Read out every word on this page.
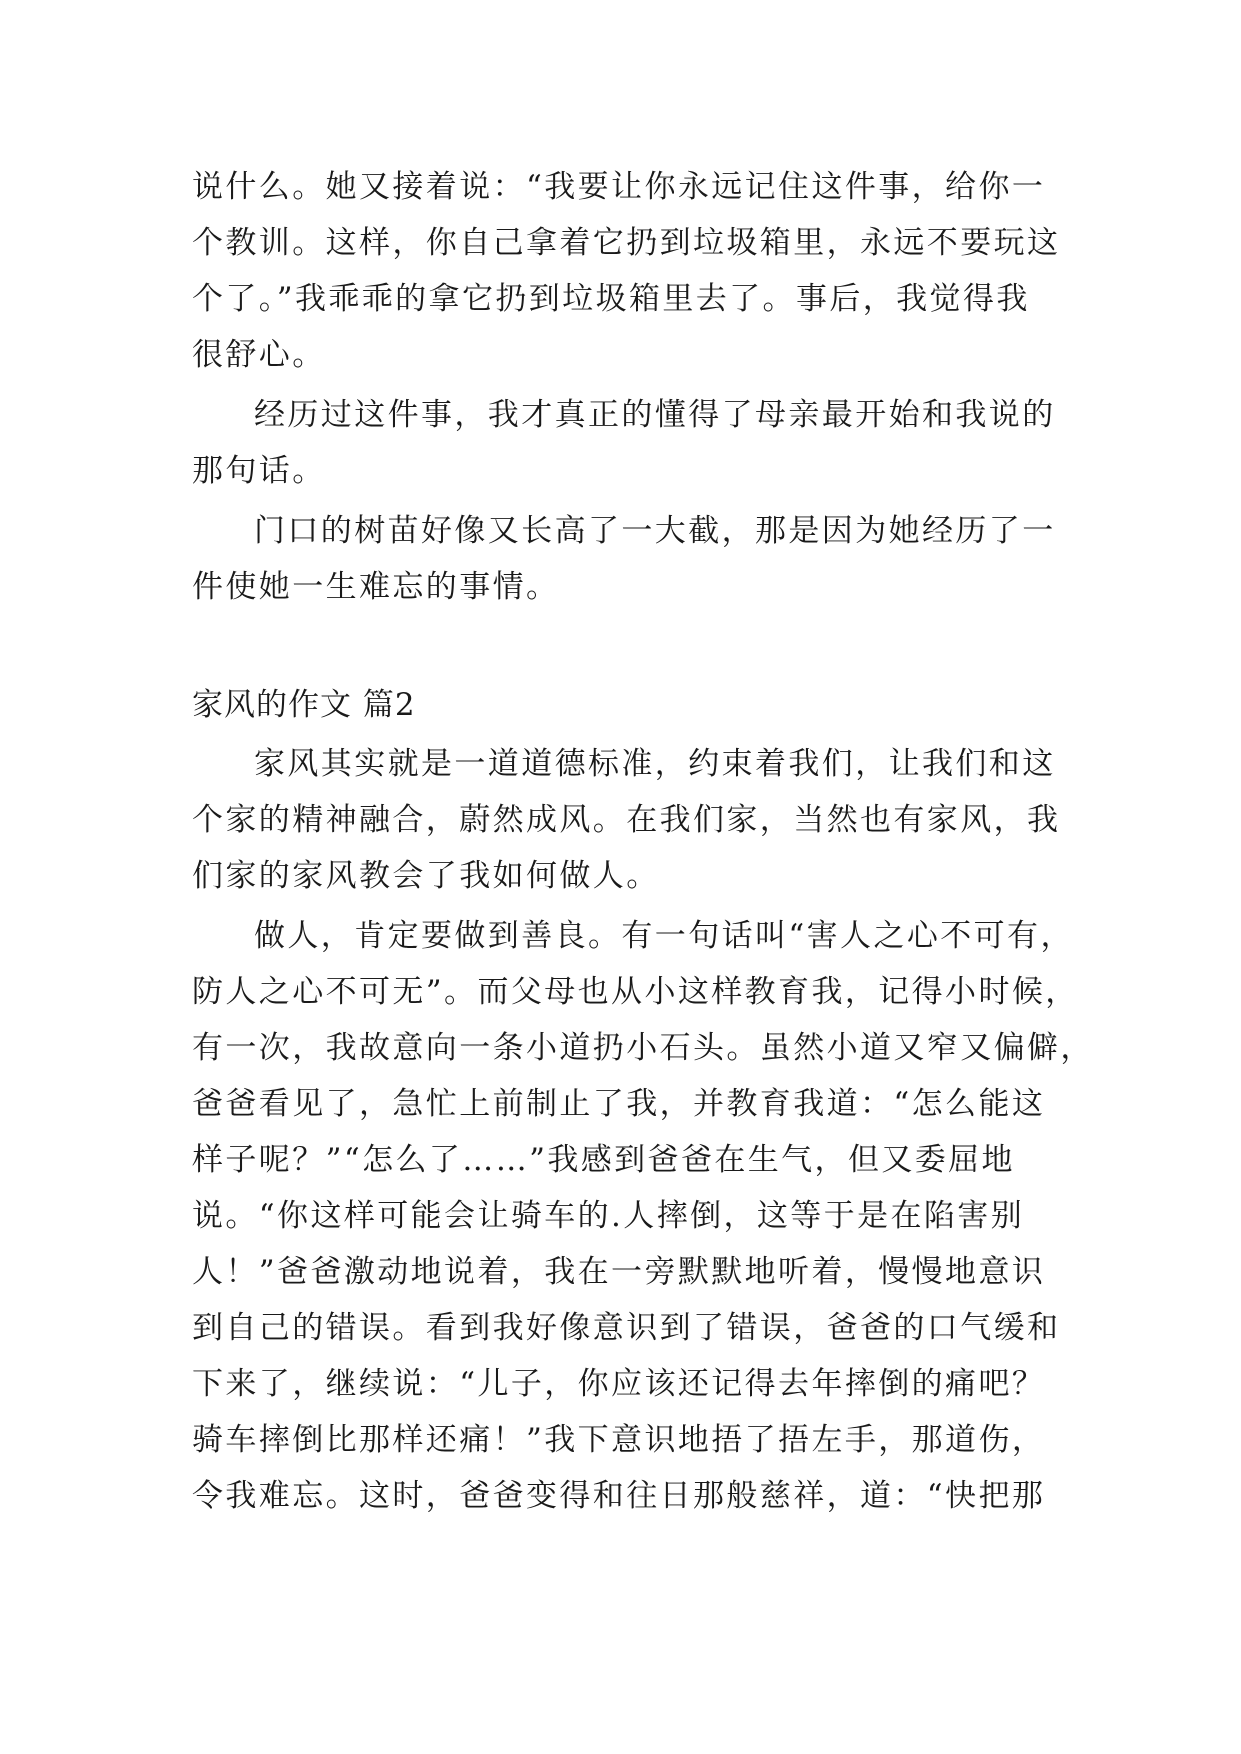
说什么。她又接着说：“我要让你永远记住这件事，给你一
个教训。这样，你自己拿着它扔到垃圾箱里，永远不要玩这
个了。”我乖乖的拿它扔到垃圾箱里去了。事后，我觉得我
很舒心。
经历过这件事，我才真正的懂得了母亲最开始和我说的
那句话。
门口的树苗好像又长高了一大截，那是因为她经历了一
件使她一生难忘的事情。
家风的作文 篇2
家风其实就是一道道德标准，约束着我们，让我们和这
个家的精神融合，蔚然成风。在我们家，当然也有家风，我
们家的家风教会了我如何做人。
做人，肯定要做到善良。有一句话叫“害人之心不可有，
防人之心不可无”。而父母也从小这样教育我，记得小时候，
有一次，我故意向一条小道扔小石头。虽然小道又窄又偏僻，
爸爸看见了，急忙上前制止了我，并教育我道：“怎么能这
样子呢？”“怎么了……”我感到爸爸在生气，但又委屈地
说。“你这样可能会让骑车的.人摔倒，这等于是在陷害别
人！”爸爸激动地说着，我在一旁默默地听着，慢慢地意识
到自己的错误。看到我好像意识到了错误，爸爸的口气缓和
下来了，继续说：“儿子，你应该还记得去年摔倒的痛吧？
骑车摔倒比那样还痛！”我下意识地捂了捂左手，那道伤，
令我难忘。这时，爸爸变得和往日那般慈祥，道：“快把那
